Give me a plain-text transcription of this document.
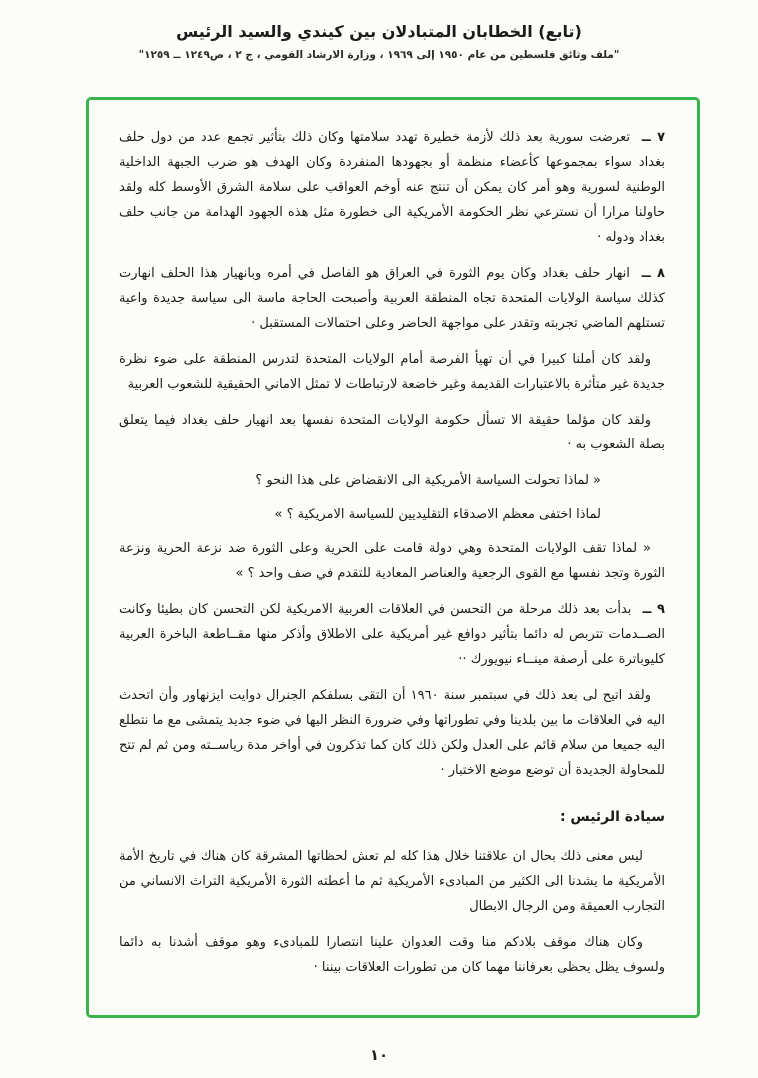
(تابع) الخطابان المتبادلان بين كيندي والسيد الرئيس
"ملف وثائق فلسطين من عام ١٩٥٠ إلى ١٩٦٩ ، وزارة الارشاد القومي ، ج ٢ ، ص١٢٤٩ ــ ١٢٥٩"

٧ ــ تعرضت سورية بعد ذلك لأزمة خطيرة تهدد سلامتها وكان ذلك بتأثير تجمع عدد من دول حلف بغداد سواء بمجموعها كأعضاء منظمة أو بجهودها المنفردة وكان الهدف هو ضرب الجبهة الداخلية الوطنية لسورية وهو أمر كان يمكن أن تنتج عنه أوخم العواقب على سلامة الشرق الأوسط كله ولقد حاولنا مرارا أن نسترعي نظر الحكومة الأمريكية الى خطورة مثل هذه الجهود الهدامة من جانب حلف بغداد ودوله ·

٨ ــ انهار حلف بغداد وكان يوم الثورة في العراق هو الفاصل في أمره وبانهيار هذا الحلف انهارت كذلك سياسة الولايات المتحدة تجاه المنطقة العربية وأصبحت الحاجة ماسة الى سياسة جديدة واعية تستلهم الماضي تجربته وتقدر على مواجهة الحاضر وعلى احتمالات المستقبل ·

ولقد كان أملنا كبيرا في أن تهيأ الفرصة أمام الولايات المتحدة لتدرس المنطقة على ضوء نظرة جديدة غير متأثرة بالاعتبارات القديمة وغير خاضعة لارتباطات لا تمثل الاماني الحقيقية للشعوب العربية

ولقد كان مؤلما حقيقة الا تسأل حكومة الولايات المتحدة نفسها بعد انهيار حلف بغداد فيما يتعلق بصلة الشعوب به ·

« لماذا تحولت السياسة الأمريكية الى الانقضاض على هذا النحو ؟

لماذا اختفى معظم الاصدقاء التقليديين للسياسة الامريكية ؟ »

« لماذا تقف الولايات المتحدة وهي دولة قامت على الحرية وعلى الثورة ضد نزعة الحرية ونزعة الثورة وتجد نفسها مع القوى الرجعية والعناصر المعادية للتقدم في صف واحد ؟ »

٩ ــ بدأت بعد ذلك مرحلة من التحسن في العلاقات العربية الامريكية لكن التحسن كان بطيئا وكانت الصــدمات تتربص له دائما بتأثير دوافع غير أمريكية على الاطلاق وأذكر منها مقــاطعة الباخرة العربية كليوباترة على أرصفة مينــاء نيويورك ··

ولقد اتيح لى بعد ذلك في سبتمبر سنة ١٩٦٠ أن التقى بسلفكم الجنرال دوايت ايزنهاور وأن اتحدث اليه في العلاقات ما بين بلدينا وفي تطوراتها وفي ضرورة النظر اليها في ضوء جديد يتمشى مع ما نتطلع اليه جميعا من سلام قائم على العدل ولكن ذلك كان كما تذكرون في أواخر مدة رياســته ومن ثم لم تتح للمحاولة الجديدة أن توضع موضع الاختبار ·

سيادة الرئيس :

ليس معنى ذلك بحال ان علاقتنا خلال هذا كله لم تعش لحظاتها المشرقة كان هناك في تاريخ الأمة الأمريكية ما يشدنا الى الكثير من المبادىء الأمريكية ثم ما أعطته الثورة الأمريكية التراث الانساني من التجارب العميقة ومن الرجال الابطال

وكان هناك موقف بلادكم منا وقت العدوان علينا انتصارا للمبادىء وهو موقف أشدنا به دائما ولسوف يظل يحظى بعرفاننا مهما كان من تطورات العلاقات بيننا ·

١٠
